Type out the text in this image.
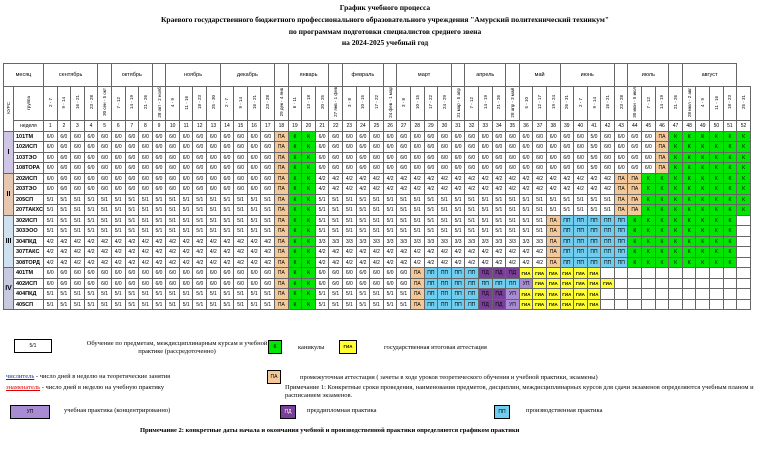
График учебного процесса
Краевого государственного бюджетного профессионального образовательного учреждения "Амурский политехнический техникум"
по программам подготовки специалистов среднего звена
на 2024-2025 учебный год
месяц		сентябрь					октябрь				ноябрь				декабрь					январь				февраль				март					апрель				май			июнь					июль				август				
КУРС	группа	2 - 7	9 - 14	16 - 21	23 - 28	30 сен - 5 окт	7 - 12	14 - 19	21 - 26	28 окт - 2 нояб	4 - 9	11 - 16	18 - 23	25 - 30	2 - 7	9 - 14	16 - 21	23 - 28	29 дек - 4 янв	6 - 11	13 - 18	20 - 25	27 янв - 1 фев	3 - 8	10 - 15	17 - 22	24 фев - 1 мар	3 - 8	10 - 15	17 - 22	24 - 29	31 мар - 5 апр	7 - 12	14 - 19	21 - 26	28 апр - 3 май	5 - 10	12 - 17	19 - 24	26 - 31	2 - 7	9 - 14	16 - 21	23 - 28	30 июн - 5 июл	7 - 12	14 - 19	21 - 26	28 июл - 2 авг	4 - 9	11 - 16	18 - 23	25 - 31
	неделя	1	2	3	4	5	6	7	8	9	10	11	12	13	14	15	16	17	18	19	20	21	22	23	24	25	26	27	28	29	30	31	32	33	34	35	36	37	38	39	40	41	42	43	44	45	46	47	48	49	50	51	52
I	101ТМ	6/0	6/0	6/0	6/0	6/0	6/0	6/0	6/0	6/0	6/0	6/0	6/0	6/0	6/0	6/0	6/0	6/0	ПА	К	К	6/0	6/0	6/0	6/0	6/0	6/0	6/0	6/0	6/0	6/0	6/0	6/0	6/0	6/0	6/0	6/0	6/0	6/0	6/0	6/0	5/0	6/0	6/0	6/0	6/0	ПА	К	К	К	К	К	К
	102ИСП	6/0	6/0	6/0	6/0	6/0	6/0	6/0	6/0	6/0	6/0	6/0	6/0	6/0	6/0	6/0	6/0	6/0	ПА	К	К	6/0	6/0	6/0	6/0	6/0	6/0	6/0	6/0	6/0	6/0	6/0	6/0	6/0	6/0	6/0	6/0	6/0	6/0	6/0	6/0	5/0	6/0	6/0	6/0	6/0	ПА	К	К	К	К	К	К
	103ТЭО	6/0	6/0	6/0	6/0	6/0	6/0	6/0	6/0	6/0	6/0	6/0	6/0	6/0	6/0	6/0	6/0	6/0	ПА	К	К	6/0	6/0	6/0	6/0	6/0	6/0	6/0	6/0	6/0	6/0	6/0	6/0	6/0	6/0	6/0	6/0	6/0	6/0	6/0	6/0	5/0	6/0	6/0	6/0	6/0	ПА	К	К	К	К	К	К
	108ТОРА	6/0	6/0	6/0	6/0	6/0	6/0	6/0	6/0	6/0	6/0	6/0	6/0	6/0	6/0	6/0	6/0	6/0	ПА	К	К	6/0	6/0	6/0	6/0	6/0	6/0	6/0	6/0	6/0	6/0	6/0	6/0	6/0	6/0	6/0	6/0	6/0	6/0	6/0	6/0	5/0	6/0	6/0	6/0	6/0	ПА	К	К	К	К	К	К
II	202ИСП	6/0	6/0	6/0	6/0	6/0	6/0	6/0	6/0	6/0	6/0	6/0	6/0	6/0	6/0	6/0	6/0	6/0	ПА	К	К	4/2	4/2	4/2	4/2	4/2	4/2	4/2	4/2	4/2	4/2	4/2	4/2	4/2	4/2	4/2	4/2	4/2	4/2	4/2	4/2	4/2	4/2	ПА	ПА	К	К	К	К	К	К	К	К
	203ТЭО	6/0	6/0	6/0	6/0	6/0	6/0	6/0	6/0	6/0	6/0	6/0	6/0	6/0	6/0	6/0	6/0	6/0	ПА	К	К	4/2	4/2	4/2	4/2	4/2	4/2	4/2	4/2	4/2	4/2	4/2	4/2	4/2	4/2	4/2	4/2	4/2	4/2	4/2	4/2	4/2	4/2	ПА	ПА	К	К	К	К	К	К	К	К
	205СП	5/1	5/1	5/1	5/1	5/1	5/1	5/1	5/1	5/1	5/1	5/1	5/1	5/1	5/1	5/1	5/1	5/1	ПА	К	К	5/1	5/1	5/1	5/1	5/1	5/1	5/1	5/1	5/1	5/1	5/1	5/1	5/1	5/1	5/1	5/1	5/1	5/1	5/1	5/1	5/1	5/1	ПА	ПА	К	К	К	К	К	К	К	К
	207ТАКХС	5/1	5/1	5/1	5/1	5/1	5/1	5/1	5/1	5/1	5/1	5/1	5/1	5/1	5/1	5/1	5/1	5/1	ПА	К	К	5/1	5/1	5/1	5/1	5/1	5/1	5/1	5/1	5/1	5/1	5/1	5/1	5/1	5/1	5/1	5/1	5/1	5/1	5/1	5/1	5/1	5/1	ПА	ПА	К	К	К	К	К	К	К	К
III	302ИСП	5/1	5/1	5/1	5/1	5/1	5/1	5/1	5/1	5/1	5/1	5/1	5/1	5/1	5/1	5/1	5/1	5/1	ПА	К	К	5/1	5/1	5/1	5/1	5/1	5/1	5/1	5/1	5/1	5/1	5/1	5/1	5/1	5/1	5/1	5/1	5/1	ПА	ПП	ПП	ПП	ПП	ПП	К	К	К	К	К	К	К	К	
	303ЭОО	5/1	5/1	5/1	5/1	5/1	5/1	5/1	5/1	5/1	5/1	5/1	5/1	5/1	5/1	5/1	5/1	5/1	ПА	К	К	5/1	5/1	5/1	5/1	5/1	5/1	5/1	5/1	5/1	5/1	5/1	5/1	5/1	5/1	5/1	5/1	5/1	ПА	ПП	ПП	ПП	ПП	ПП	К	К	К	К	К	К	К	К	
	304ПКД	4/2	4/2	4/2	4/2	4/2	4/2	4/2	4/2	4/2	4/2	4/2	4/2	4/2	4/2	4/2	4/2	4/2	ПА	К	К	3/3	3/3	3/3	3/3	3/3	3/3	3/3	3/3	3/3	3/3	3/3	3/3	3/3	3/3	3/3	3/3	3/3	ПА	ПП	ПП	ПП	ПП	ПП	К	К	К	К	К	К	К	К	
	307ТАКС	4/2	4/2	4/2	4/2	4/2	4/2	4/2	4/2	4/2	4/2	4/2	4/2	4/2	4/2	4/2	4/2	4/2	ПА	К	К	4/2	4/2	4/2	4/2	4/2	4/2	4/2	4/2	4/2	4/2	4/2	4/2	4/2	4/2	4/2	4/2	4/2	ПА	ПП	ПП	ПП	ПП	ПП	К	К	К	К	К	К	К	К	
	308ТОРД	4/2	4/2	4/2	4/2	4/2	4/2	4/2	4/2	4/2	4/2	4/2	4/2	4/2	4/2	4/2	4/2	4/2	ПА	К	К	4/2	4/2	4/2	4/2	4/2	4/2	4/2	4/2	4/2	4/2	4/2	4/2	4/2	4/2	4/2	4/2	4/2	ПА	ПП	ПП	ПП	ПП	ПП	К	К	К	К	К	К	К	К	
IV	401ТМ	6/0	6/0	6/0	6/0	6/0	6/0	6/0	6/0	6/0	6/0	6/0	6/0	6/0	6/0	6/0	6/0	6/0	ПА	К	К	6/0	6/0	6/0	6/0	6/0	6/0	6/0	ПА	ПП	ПП	ПП	ПП	ПД	ПД	ПД	ГИА	ГИА	ГИА	ГИА	ГИА	ГИА											
	402ИСП	6/0	6/0	6/0	6/0	6/0	6/0	6/0	6/0	6/0	6/0	6/0	6/0	6/0	6/0	6/0	6/0	6/0	ПА	К	К	6/0	6/0	6/0	6/0	6/0	6/0	6/0	ПА	ПП	ПП	ПП	ПП	ПП	ПП	ПП	УП	ГИА	ГИА	ГИА	ГИА	ГИА	ГИА										
	404ПКД	5/1	5/1	5/1	5/1	5/1	5/1	5/1	5/1	5/1	5/1	5/1	5/1	5/1	5/1	5/1	5/1	5/1	ПА	К	К	5/1	5/1	5/1	5/1	5/1	5/1	5/1	ПА	ПП	ПП	ПП	ПП	ПД	ПД	УП	ГИА	ГИА	ГИА	ГИА	ГИА	ГИА											
	405СП	5/1	5/1	5/1	5/1	5/1	5/1	5/1	5/1	5/1	5/1	5/1	5/1	5/1	5/1	5/1	5/1	5/1	ПА	К	К	5/1	5/1	5/1	5/1	5/1	5/1	5/1	ПА	ПП	ПП	ПП	ПП	ПД	ПД	УП	ГИА	ГИА	ГИА	ГИА	ГИА	ГИА											
5/1	Обучение по предметам, междисциплинарным курсам и учебной практике (рассредоточенно)
К	каникулы	ГИА	государственная итоговая аттестация
числитель - число дней в неделю на теоретические занятия
знаменатель - число дней в неделю на учебную практику
ПА	промежуточная аттестация ( зачеты в ходе уроков теоретического обучения и учебной практики, экзамены)
Примечание 1: Конкретные сроки проведения, наименования предметов, дисциплин, междисциплинарных курсов для сдачи экзаменов определяются учебным планом и расписанием экзаменов.
УП	учебная практика (концентрированно)	ПД	преддипломная практика	ПП	производственная практика
Примечание 2: конкретные даты начала и окончания учебной и производственной практики определяются графиком практики
